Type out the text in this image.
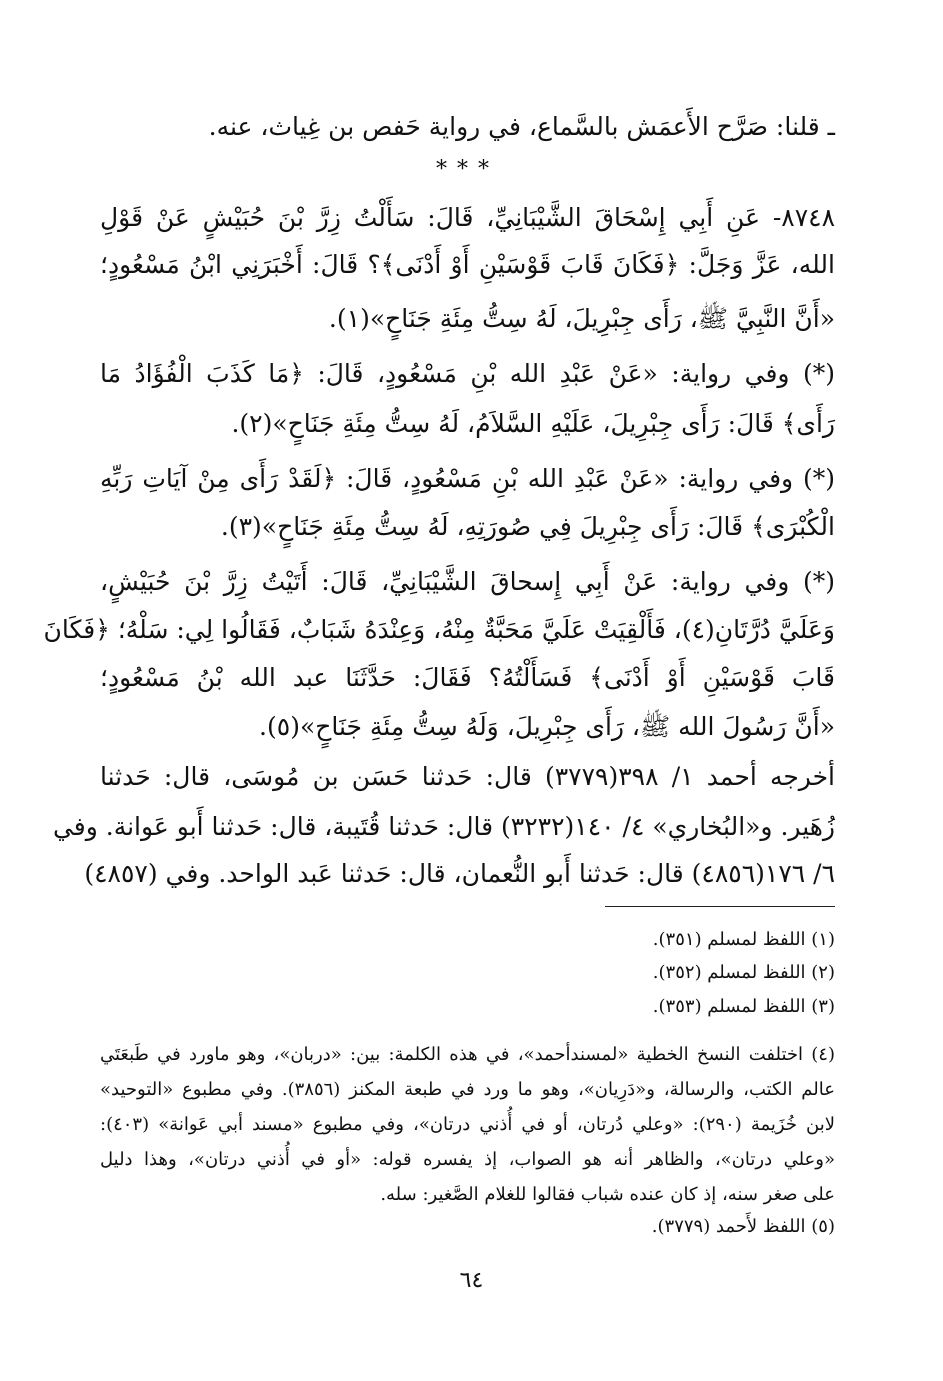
ـ قلنا: صَرَّح الأَعمَش بالسَّماع، في رواية حَفص بن غِياث، عنه.
***
٨٧٤٨- عَنِ أَبِي إِسْحَاقَ الشَّيْبَانِيِّ، قَالَ: سَأَلْتُ زِرَّ بْنَ حُبَيْشٍ عَنْ قَوْلِ
الله، عَزَّ وَجَلَّ: ﴿فَكَانَ قَابَ قَوْسَيْنِ أَوْ أَدْنَى﴾؟ قَالَ: أَخْبَرَنِي ابْنُ مَسْعُودٍ؛
«أَنَّ النَّبِيَّ ﷺ، رَأَى جِبْرِيلَ، لَهُ سِتُّ مِئَةِ جَنَاحٍ»(١).
(*) وفي رواية: «عَنْ عَبْدِ الله بْنِ مَسْعُودٍ، قَالَ: ﴿مَا كَذَبَ الْفُؤَادُ مَا
رَأَى﴾ قَالَ: رَأَى جِبْرِيلَ، عَلَيْهِ السَّلاَمُ، لَهُ سِتُّ مِئَةِ جَنَاحٍ»(٢).
(*) وفي رواية: «عَنْ عَبْدِ الله بْنِ مَسْعُودٍ، قَالَ: ﴿لَقَدْ رَأَى مِنْ آيَاتِ رَبِّهِ
الْكُبْرَى﴾ قَالَ: رَأَى جِبْرِيلَ فِي صُورَتِهِ، لَهُ سِتُّ مِئَةِ جَنَاحٍ»(٣).
(*) وفي رواية: عَنْ أَبِي إِسحاقَ الشَّيْبَانِيِّ، قَالَ: أَتَيْتُ زِرَّ بْنَ حُبَيْشٍ،
وَعَلَيَّ دُرَّتَانِ(٤)، فَأَلْقِيَتْ عَلَيَّ مَحَبَّةٌ مِنْهُ، وَعِنْدَهُ شَبَابٌ، فَقَالُوا لِي: سَلْهُ؛ ﴿فَكَانَ
قَابَ قَوْسَيْنِ أَوْ أَدْنَى﴾ فَسَأَلْتُهُ؟ فَقَالَ: حَدَّثَنَا عبد الله بْنُ مَسْعُودٍ؛
«أَنَّ رَسُولَ الله ﷺ، رَأَى جِبْرِيلَ، وَلَهُ سِتُّ مِئَةِ جَنَاحٍ»(٥).
أخرجه أحمد ١/ ٣٩٨(٣٧٧٩) قال: حَدثنا حَسَن بن مُوسَى، قال: حَدثنا
زُهَير. و«البُخاري» ٤/ ١٤٠(٣٢٣٢) قال: حَدثنا قُتَيبة، قال: حَدثنا أَبو عَوانة. وفي
٦/ ١٧٦(٤٨٥٦) قال: حَدثنا أَبو النُّعمان، قال: حَدثنا عَبد الواحد. وفي (٤٨٥٧)
(١) اللفظ لمسلم (٣٥١).
(٢) اللفظ لمسلم (٣٥٢).
(٣) اللفظ لمسلم (٣٥٣).
(٤) اختلفت النسخ الخطية «لمسندأحمد»، في هذه الكلمة: بين: «دربان»، وهو ماورد في طَبعَتَي
عالم الكتب، والرسالة، و«دَرِيان»، وهو ما ورد في طبعة المكنز (٣٨٥٦). وفي مطبوع «التوحيد»
لابن خُزَيمة (٢٩٠): «وعلي دُرتان، أو في أُذني درتان»، وفي مطبوع «مسند أبي عَوانة» (٤٠٣):
«وعلي درتان»، والظاهر أنه هو الصواب، إذ يفسره قوله: «أو في أُذني درتان»، وهذا دليل
على صغر سنه، إذ كان عنده شباب فقالوا للغلام الصَّغير: سله.
(٥) اللفظ لأَحمد (٣٧٧٩).
٦٤
